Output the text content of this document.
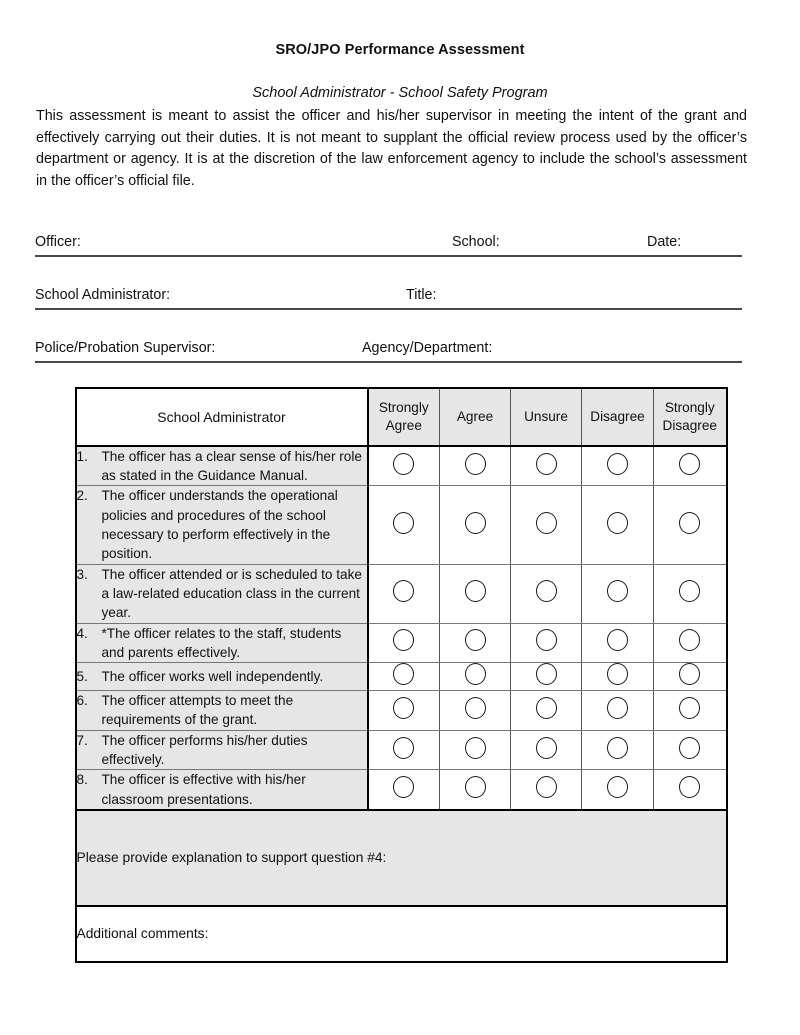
SRO/JPO Performance Assessment
School Administrator - School Safety Program

This assessment is meant to assist the officer and his/her supervisor in meeting the intent of the grant and effectively carrying out their duties. It is not meant to supplant the official review process used by the officer’s department or agency. It is at the discretion of the law enforcement agency to include the school’s assessment in the officer’s official file.

Officer:	School:	Date:
School Administrator:	Title:
Police/Probation Supervisor:	Agency/Department:
School Administrator	Strongly Agree	Agree	Unsure	Disagree	Strongly Disagree

1. The officer has a clear sense of his/her role as stated in the Guidance Manual.					

2. The officer understands the operational policies and procedures of the school necessary to perform effectively in the position.					

3. The officer attended or is scheduled to take a law-related education class in the current year.					

4. *The officer relates to the staff, students and parents effectively.					

5. The officer works well independently.					

6. The officer attempts to meet the requirements of the grant.					

7. The officer performs his/her duties effectively.					

8. The officer is effective with his/her classroom presentations.					

Please provide explanation to support question #4:					
Additional comments:					
